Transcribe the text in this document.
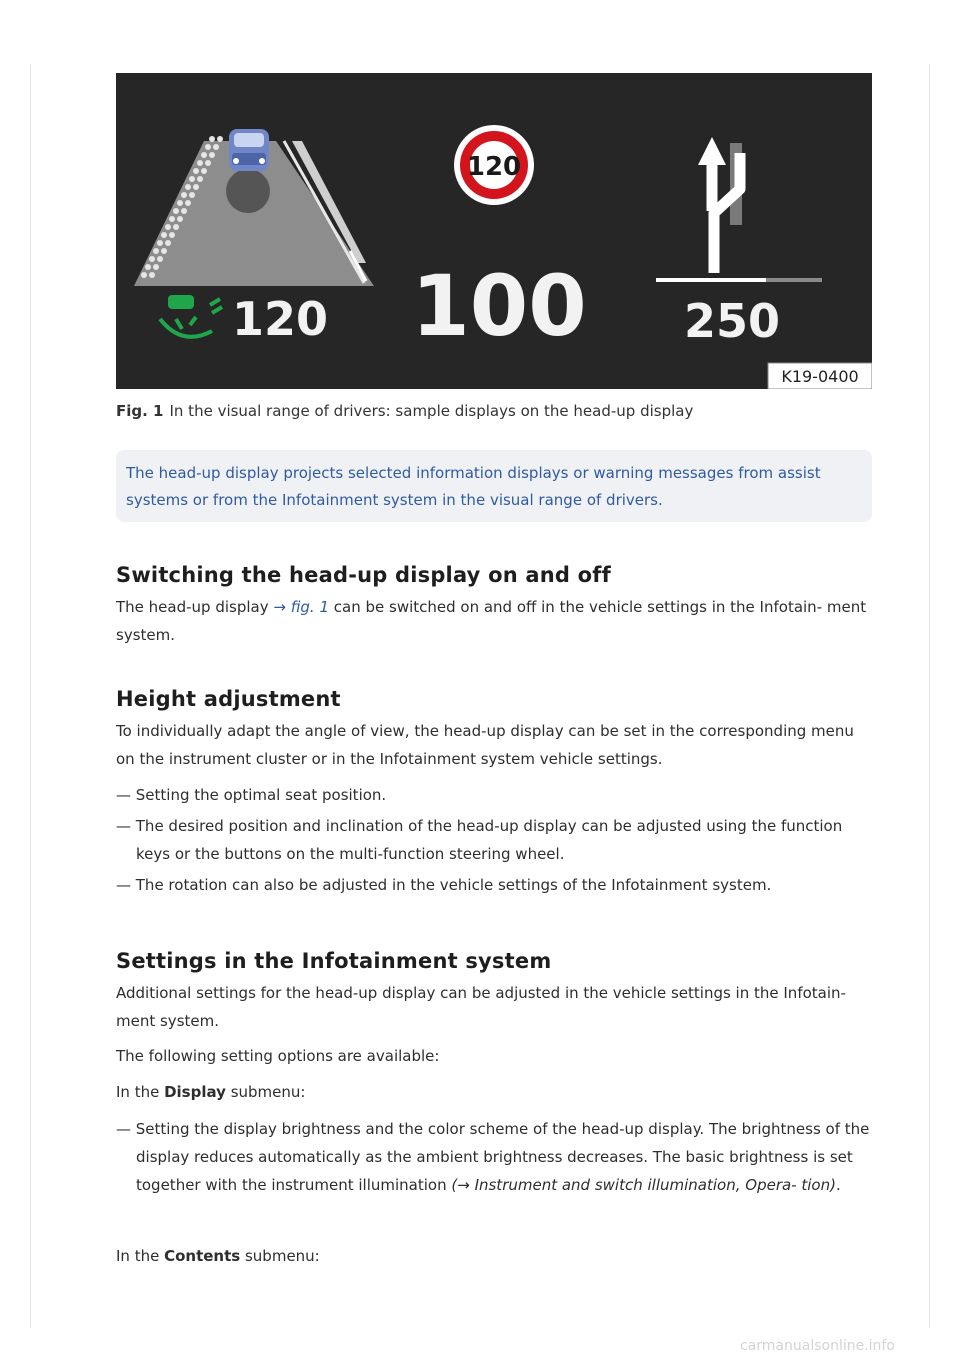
120
120
100 250
K19-0400
Fig. 1 In the visual range of drivers: sample displays on the head-up display
The head-up display projects selected information displays or warning messages from assist systems or from the Infotainment system in the visual range of drivers.
Switching the head-up display on and off

The head-up display → fig. 1 can be switched on and off in the vehicle settings in the Infotain- ment system.

Height adjustment

To individually adapt the angle of view, the head-up display can be set in the corresponding menu on the instrument cluster or in the Infotainment system vehicle settings.

— Setting the optimal seat position.

— The desired position and inclination of the head-up display can be adjusted using the function keys or the buttons on the multi-function steering wheel.

— The rotation can also be adjusted in the vehicle settings of the Infotainment system.

Settings in the Infotainment system

Additional settings for the head-up display can be adjusted in the vehicle settings in the Infotain- ment system.

The following setting options are available:

In the Display submenu:

— Setting the display brightness and the color scheme of the head-up display. The brightness of the display reduces automatically as the ambient brightness decreases. The basic brightness is set together with the instrument illumination (→ Instrument and switch illumination, Opera- tion).

In the Contents submenu:

carmanualsonline.info
